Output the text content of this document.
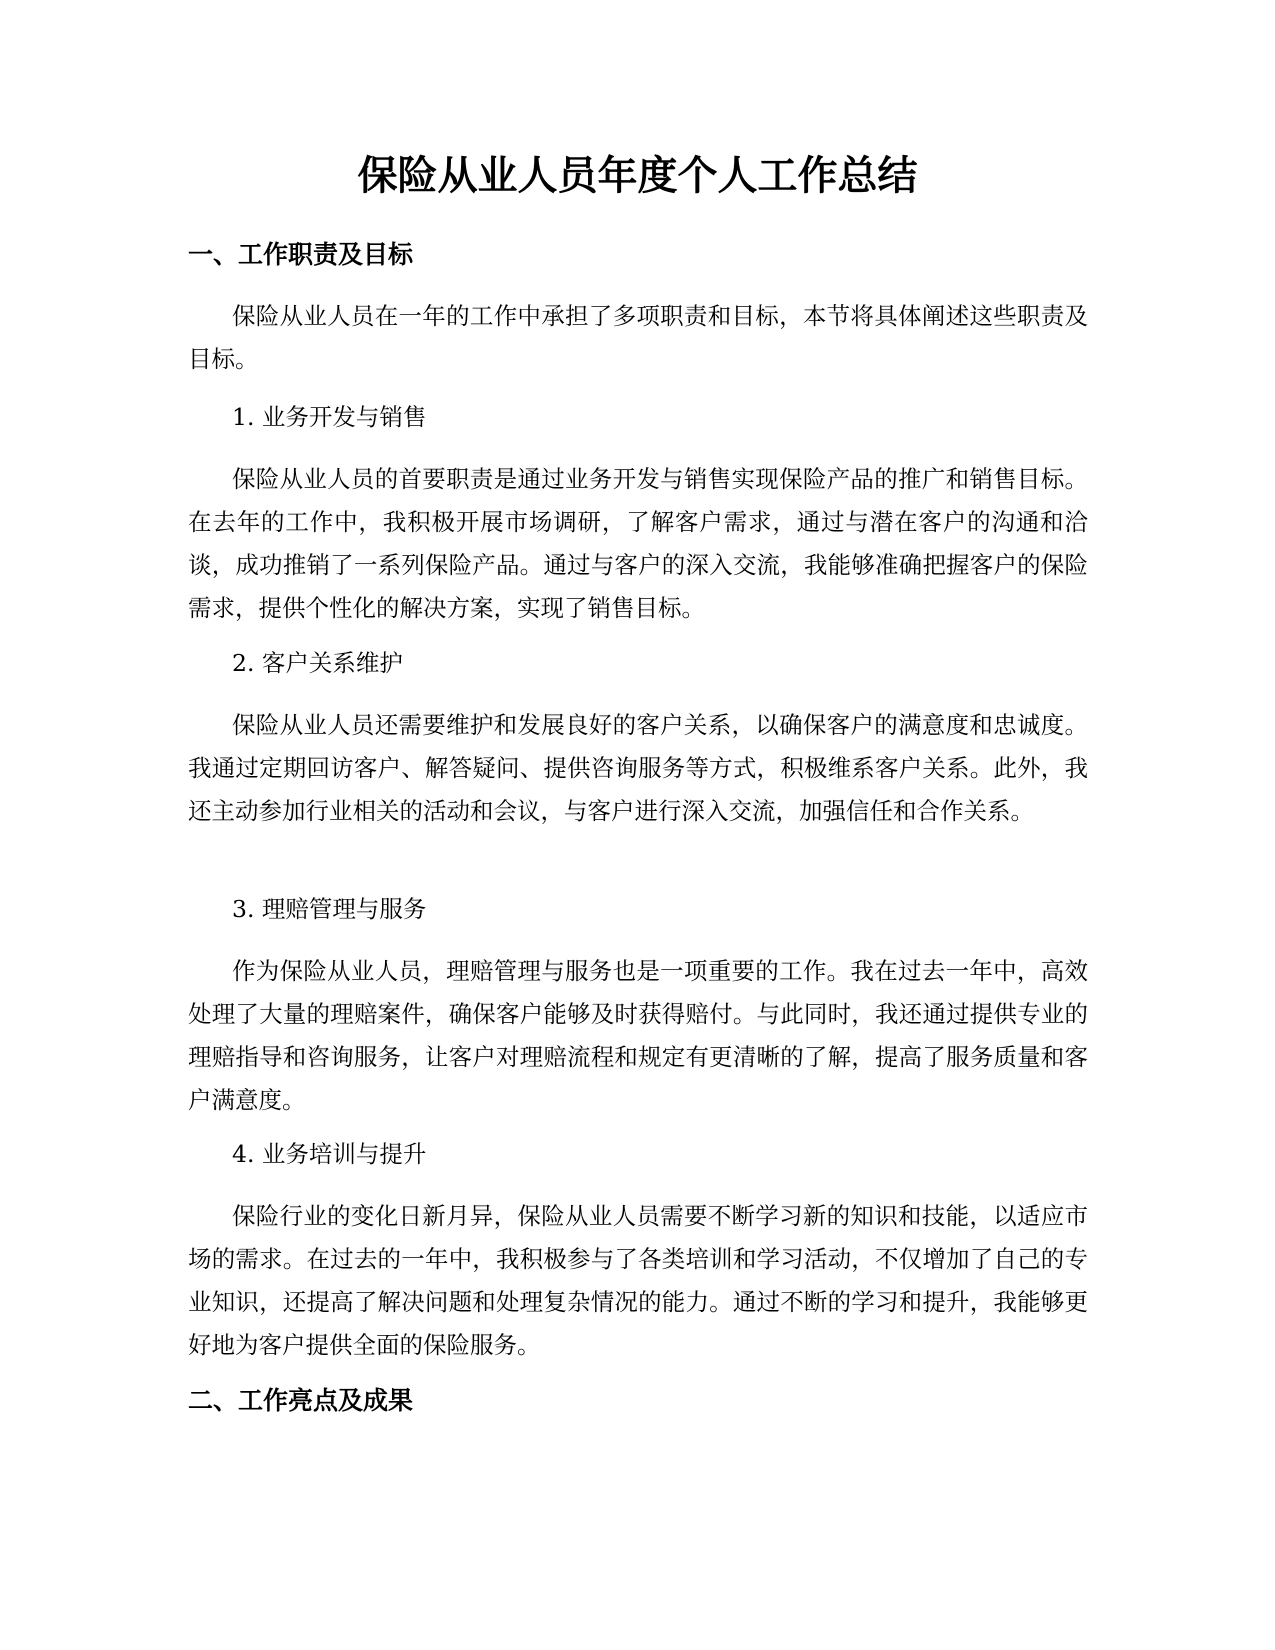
保险从业人员年度个人工作总结
一、工作职责及目标

保险从业人员在一年的工作中承担了多项职责和目标，本节将具体阐述这些职责及目标。

1. 业务开发与销售

保险从业人员的首要职责是通过业务开发与销售实现保险产品的推广和销售目标。在去年的工作中，我积极开展市场调研，了解客户需求，通过与潜在客户的沟通和洽谈，成功推销了一系列保险产品。通过与客户的深入交流，我能够准确把握客户的保险需求，提供个性化的解决方案，实现了销售目标。

2. 客户关系维护

保险从业人员还需要维护和发展良好的客户关系，以确保客户的满意度和忠诚度。我通过定期回访客户、解答疑问、提供咨询服务等方式，积极维系客户关系。此外，我还主动参加行业相关的活动和会议，与客户进行深入交流，加强信任和合作关系。

3. 理赔管理与服务

作为保险从业人员，理赔管理与服务也是一项重要的工作。我在过去一年中，高效处理了大量的理赔案件，确保客户能够及时获得赔付。与此同时，我还通过提供专业的理赔指导和咨询服务，让客户对理赔流程和规定有更清晰的了解，提高了服务质量和客户满意度。

4. 业务培训与提升

保险行业的变化日新月异，保险从业人员需要不断学习新的知识和技能，以适应市场的需求。在过去的一年中，我积极参与了各类培训和学习活动，不仅增加了自己的专业知识，还提高了解决问题和处理复杂情况的能力。通过不断的学习和提升，我能够更好地为客户提供全面的保险服务。

二、工作亮点及成果
